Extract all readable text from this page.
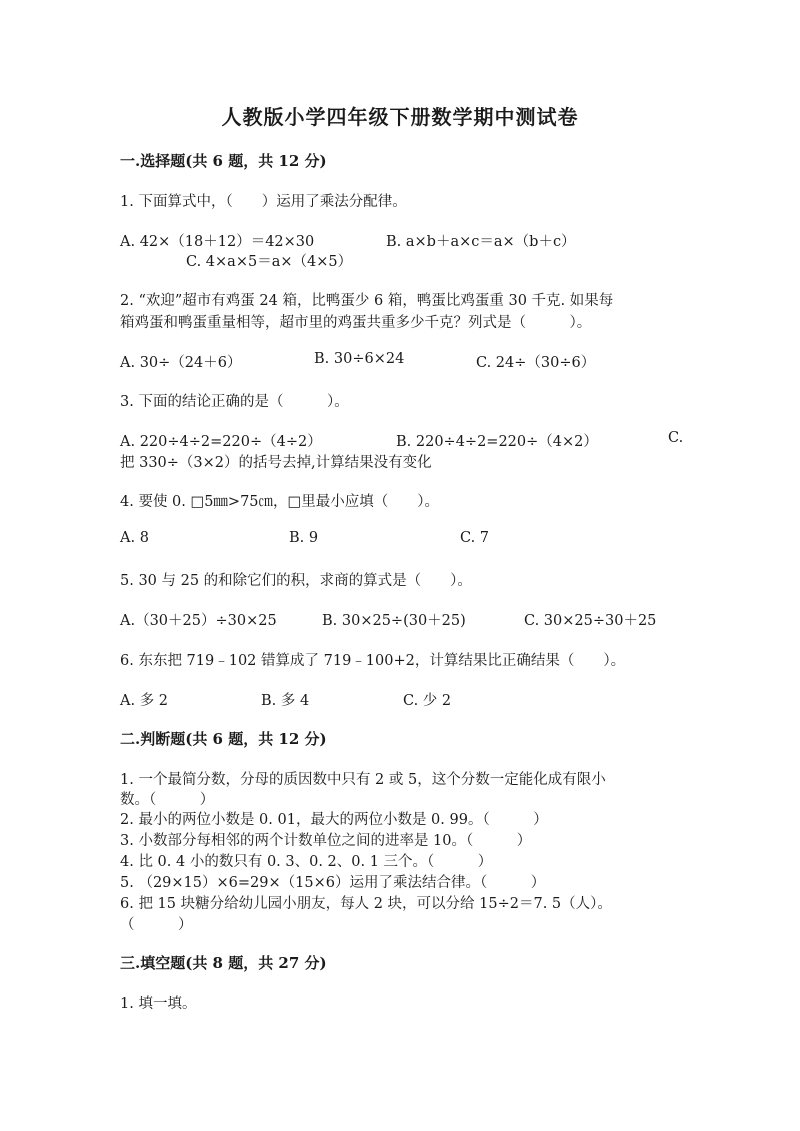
人教版小学四年级下册数学期中测试卷
一.选择题(共 6 题，共 12 分)
1. 下面算式中，（　　）运用了乘法分配律。
A. 42×（18＋12）＝42×30	B. a×b＋a×c＝a×（b＋c）
C. 4×a×5＝a×（4×5）
2. “欢迎”超市有鸡蛋 24 箱，比鸭蛋少 6 箱，鸭蛋比鸡蛋重 30 千克. 如果每
箱鸡蛋和鸭蛋重量相等，超市里的鸡蛋共重多少千克？列式是（　　　）。
A. 30÷（24＋6）	B. 30÷6×24	C. 24÷（30÷6）
3. 下面的结论正确的是（　　　）。
A. 220÷4÷2=220÷（4÷2）	B. 220÷4÷2=220÷（4×2）	C.
把 330÷（3×2）的括号去掉,计算结果没有变化
4. 要使 0. □5㎜>75㎝，□里最小应填（　　）。
A. 8	B. 9	C. 7
5. 30 与 25 的和除它们的积，求商的算式是（　　）。
A.（30＋25）÷30×25	B. 30×25÷(30＋25)	C. 30×25÷30＋25
6. 东东把 719﹣102 错算成了 719﹣100+2，计算结果比正确结果（　　）。
A. 多 2	B. 多 4	C. 少 2
二.判断题(共 6 题，共 12 分)
1. 一个最简分数，分母的质因数中只有 2 或 5，这个分数一定能化成有限小
数。（　　　）
2. 最小的两位小数是 0. 01，最大的两位小数是 0. 99。（　　　）
3. 小数部分每相邻的两个计数单位之间的进率是 10。（　　　）
4. 比 0. 4 小的数只有 0. 3、0. 2、0. 1 三个。（　　　）
5. （29×15）×6=29×（15×6）运用了乘法结合律。（　　　）
6. 把 15 块糖分给幼儿园小朋友，每人 2 块，可以分给 15÷2＝7. 5（人）。
（　　　）
三.填空题(共 8 题，共 27 分)
1. 填一填。
